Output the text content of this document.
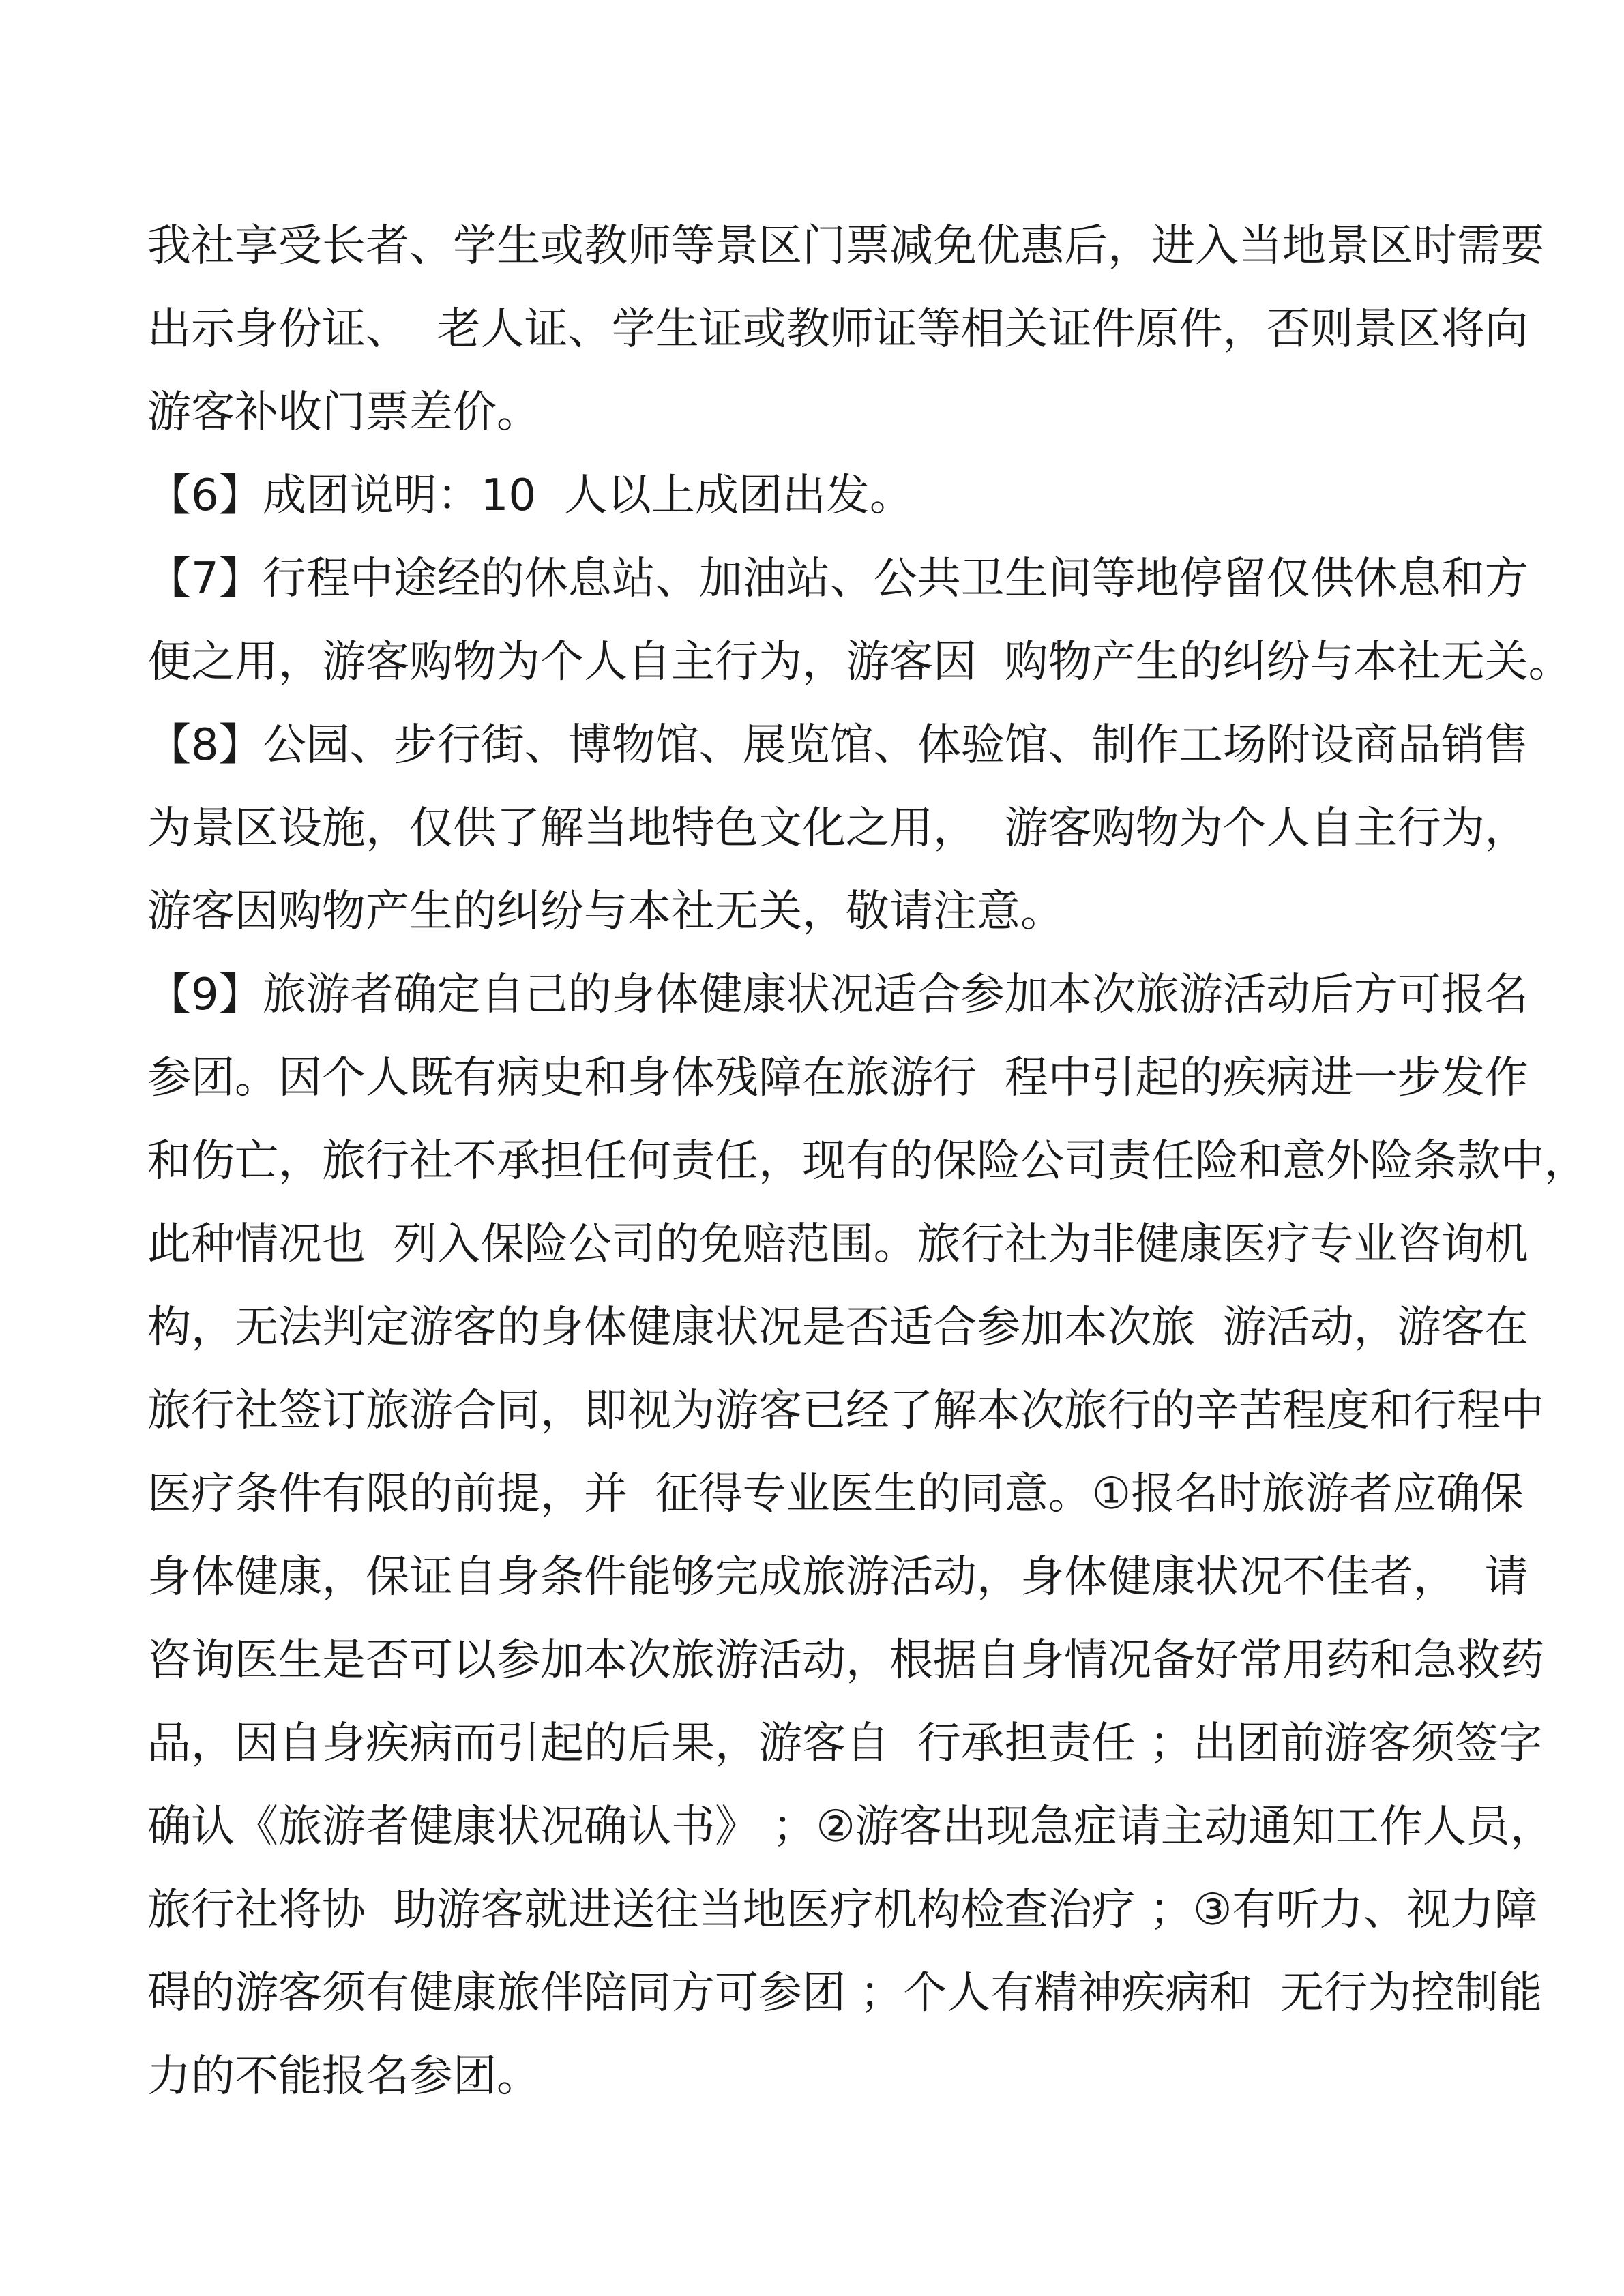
我社享受长者、学生或教师等景区门票减免优惠后，进入当地景区时需要
出示身份证、  老人证、学生证或教师证等相关证件原件，否则景区将向
游客补收门票差价。
【6】成团说明：10  人以上成团出发。
【7】行程中途经的休息站、加油站、公共卫生间等地停留仅供休息和方
便之用，游客购物为个人自主行为，游客因  购物产生的纠纷与本社无关。
【8】公园、步行街、博物馆、展览馆、体验馆、制作工场附设商品销售
为景区设施，仅供了解当地特色文化之用，  游客购物为个人自主行为，
游客因购物产生的纠纷与本社无关，敬请注意。
【9】旅游者确定自己的身体健康状况适合参加本次旅游活动后方可报名
参团。因个人既有病史和身体残障在旅游行  程中引起的疾病进一步发作
和伤亡，旅行社不承担任何责任，现有的保险公司责任险和意外险条款中，
此种情况也  列入保险公司的免赔范围。旅行社为非健康医疗专业咨询机
构，无法判定游客的身体健康状况是否适合参加本次旅  游活动，游客在
旅行社签订旅游合同，即视为游客已经了解本次旅行的辛苦程度和行程中
医疗条件有限的前提，并  征得专业医生的同意。①报名时旅游者应确保
身体健康，保证自身条件能够完成旅游活动，身体健康状况不佳者，  请
咨询医生是否可以参加本次旅游活动，根据自身情况备好常用药和急救药
品，因自身疾病而引起的后果，游客自  行承担责任 ；出团前游客须签字
确认《旅游者健康状况确认书》 ；②游客出现急症请主动通知工作人员，
旅行社将协  助游客就进送往当地医疗机构检查治疗 ；③有听力、视力障
碍的游客须有健康旅伴陪同方可参团 ；个人有精神疾病和  无行为控制能
力的不能报名参团。
